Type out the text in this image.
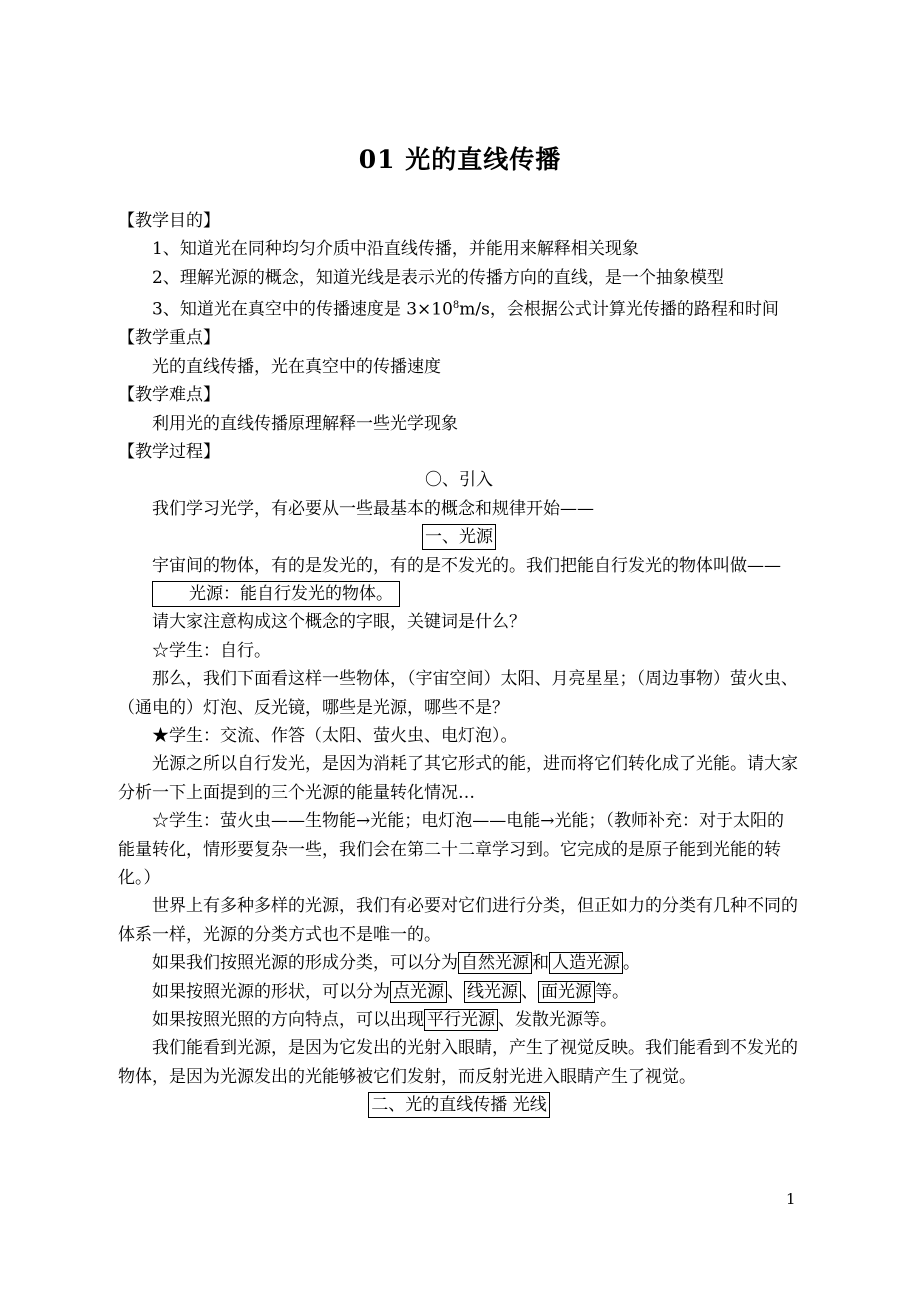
01 光的直线传播

【教学目的】

1、知道光在同种均匀介质中沿直线传播，并能用来解释相关现象

2、理解光源的概念，知道光线是表示光的传播方向的直线，是一个抽象模型

3、知道光在真空中的传播速度是 $3\times 10^8m/s$，会根据公式计算光传播的路程和时间

【教学重点】

光的直线传播，光在真空中的传播速度

【教学难点】

利用光的直线传播原理解释一些光学现象

【教学过程】

〇、引入

我们学习光学，有必要从一些最基本的概念和规律开始——

一、光源

宇宙间的物体，有的是发光的，有的是不发光的。我们把能自行发光的物体叫做——

光源：能自行发光的物体。

请大家注意构成这个概念的字眼，关键词是什么？

☆学生：自行。

那么，我们下面看这样一些物体，（宇宙空间）太阳、月亮星星；（周边事物）萤火虫、（通电的）灯泡、反光镜，哪些是光源，哪些不是？

★学生：交流、作答（太阳、萤火虫、电灯泡）。

光源之所以自行发光，是因为消耗了其它形式的能，进而将它们转化成了光能。请大家分析一下上面提到的三个光源的能量转化情况…

☆学生：萤火虫——生物能→光能；电灯泡——电能→光能；（教师补充：对于太阳的能量转化，情形要复杂一些，我们会在第二十二章学习到。它完成的是原子能到光能的转化。）

世界上有多种多样的光源，我们有必要对它们进行分类，但正如力的分类有几种不同的体系一样，光源的分类方式也不是唯一的。

如果我们按照光源的形成分类，可以分为 自然光源 和 人造光源 。

如果按照光源的形状，可以分为 点光源 、 线光源 、 面光源 等。

如果按照光照的方向特点，可以出现 平行光源 、发散光源等。

我们能看到光源，是因为它发出的光射入眼睛，产生了视觉反映。我们能看到不发光的物体，是因为光源发出的光能够被它们发射，而反射光进入眼睛产生了视觉。

二、光的直线传播 光线

1
